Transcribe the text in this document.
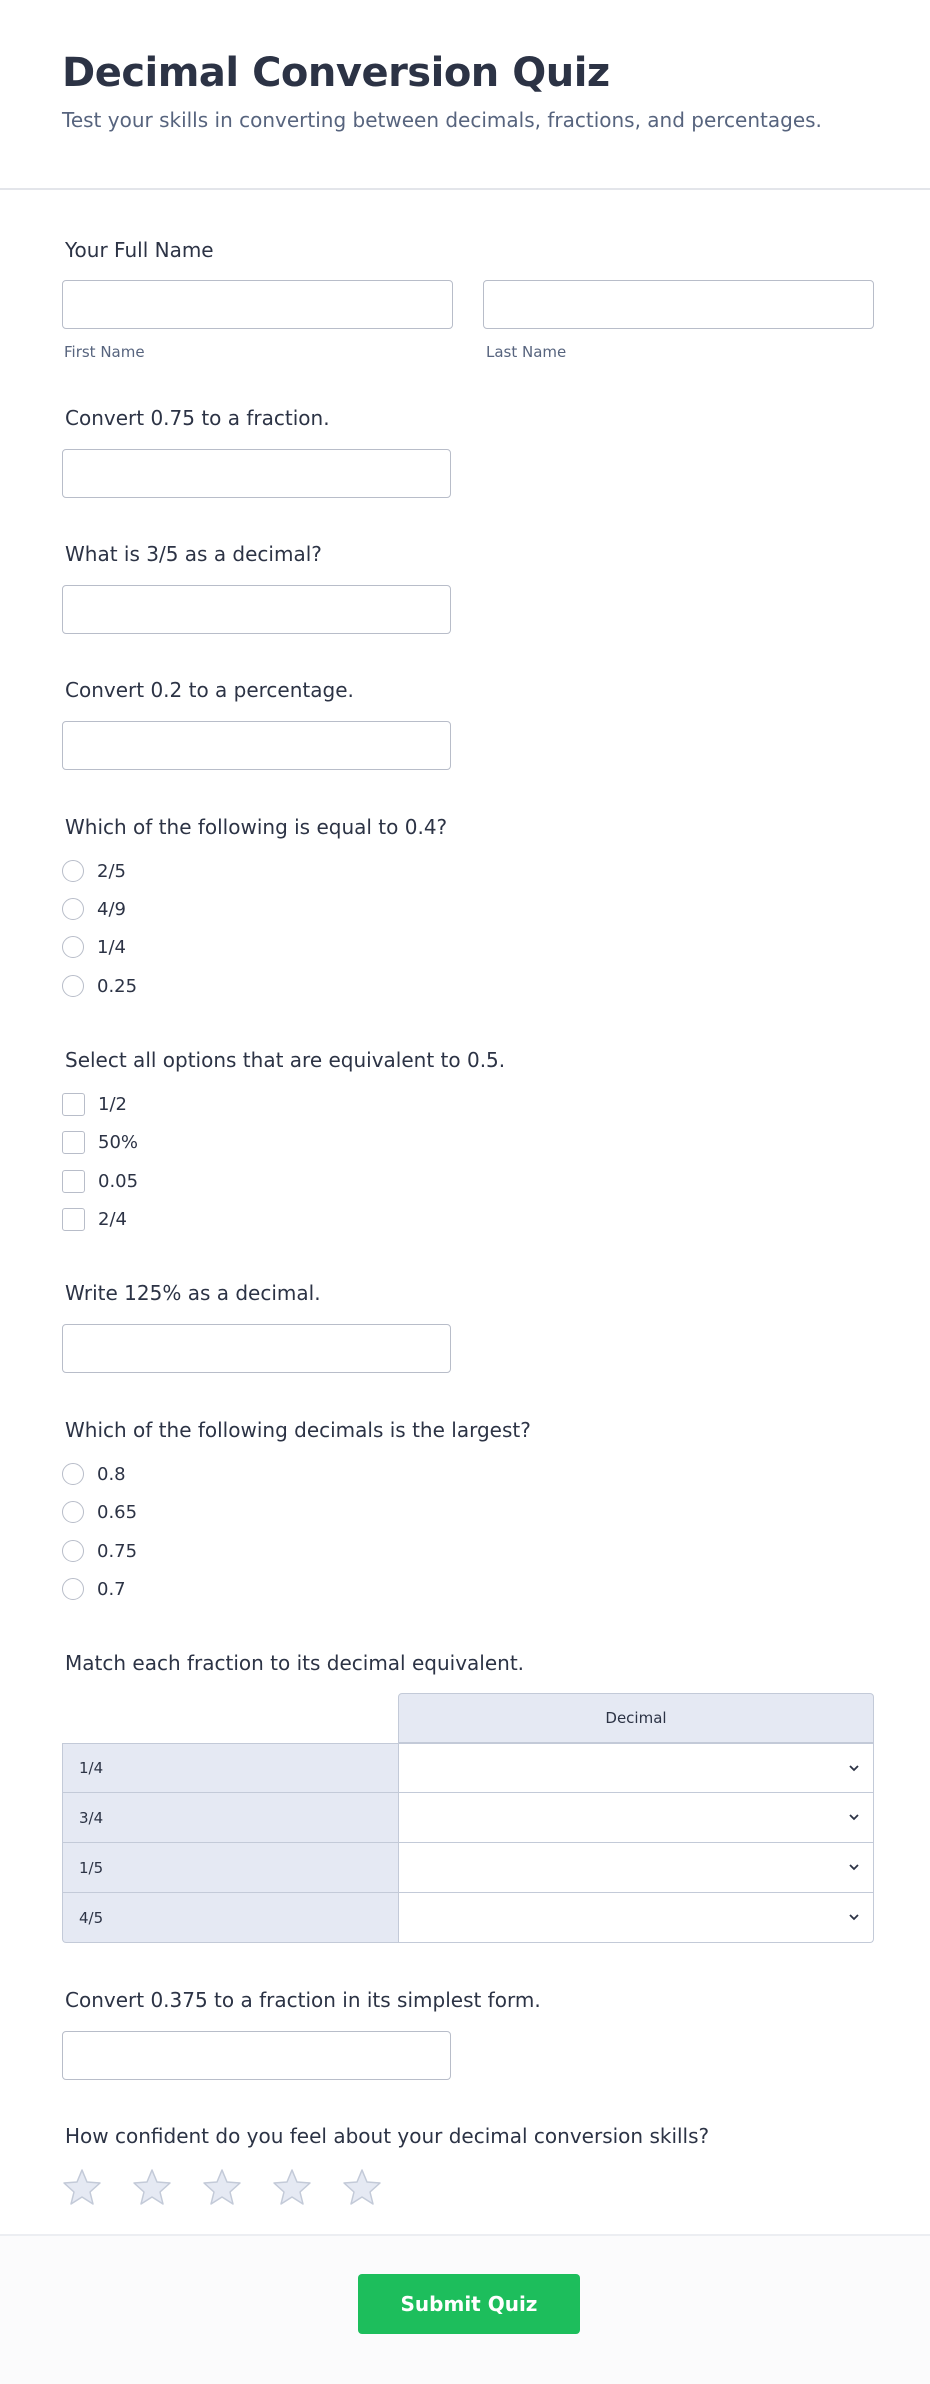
Decimal Conversion Quiz

Test your skills in converting between decimals, fractions, and percentages.

Your Full Name
First Name	Last Name
Convert 0.75 to a fraction.
What is 3/5 as a decimal?
Convert 0.2 to a percentage.
Which of the following is equal to 0.4?
2/5
4/9
1/4
0.25
Select all options that are equivalent to 0.5.
1/2
50%
0.05
2/4
Write 125% as a decimal.
Which of the following decimals is the largest?
0.8
0.65
0.75
0.7
Match each fraction to its decimal equivalent.
Decimal
1/4
3/4
1/5
4/5
Convert 0.375 to a fraction in its simplest form.
How confident do you feel about your decimal conversion skills?
Submit Quiz
